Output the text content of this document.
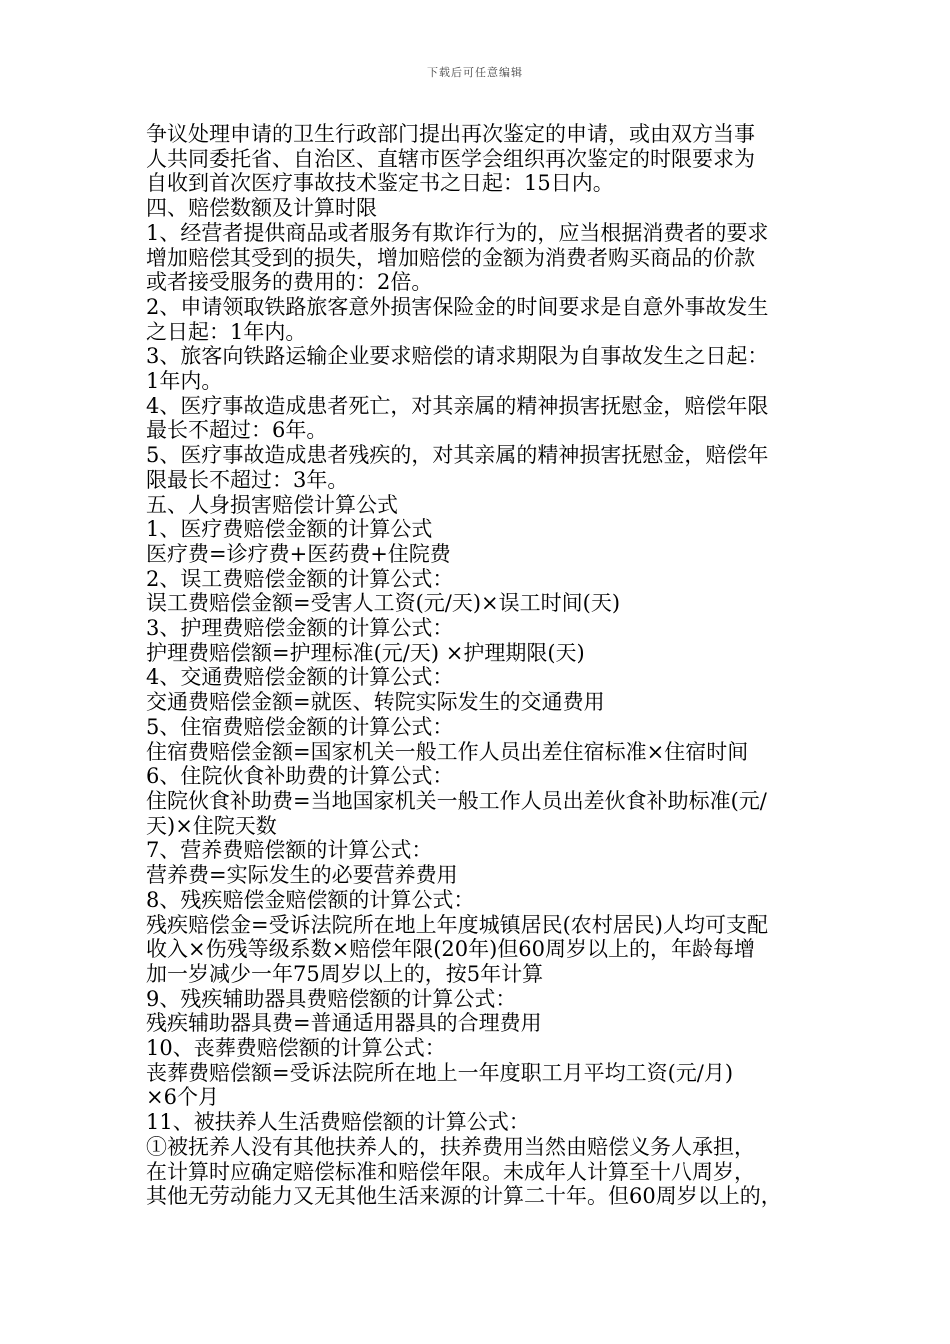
下载后可任意编辑

争议处理申请的卫生行政部门提出再次鉴定的申请，或由双方当事

人共同委托省、自治区、直辖市医学会组织再次鉴定的时限要求为

自收到首次医疗事故技术鉴定书之日起：15日内。

四、赔偿数额及计算时限

1、经营者提供商品或者服务有欺诈行为的，应当根据消费者的要求

增加赔偿其受到的损失，增加赔偿的金额为消费者购买商品的价款

或者接受服务的费用的：2倍。

2、申请领取铁路旅客意外损害保险金的时间要求是自意外事故发生

之日起：1年内。

3、旅客向铁路运输企业要求赔偿的请求期限为自事故发生之日起：

1年内。

4、医疗事故造成患者死亡，对其亲属的精神损害抚慰金，赔偿年限

最长不超过：6年。

5、医疗事故造成患者残疾的，对其亲属的精神损害抚慰金，赔偿年

限最长不超过：3年。

五、人身损害赔偿计算公式

1、医疗费赔偿金额的计算公式

医疗费=诊疗费+医药费+住院费

2、误工费赔偿金额的计算公式：

误工费赔偿金额=受害人工资(元/天)×误工时间(天)

3、护理费赔偿金额的计算公式：

护理费赔偿额=护理标准(元/天) ×护理期限(天)

4、交通费赔偿金额的计算公式：

交通费赔偿金额=就医、转院实际发生的交通费用

5、住宿费赔偿金额的计算公式：

住宿费赔偿金额=国家机关一般工作人员出差住宿标准×住宿时间

6、住院伙食补助费的计算公式：

住院伙食补助费=当地国家机关一般工作人员出差伙食补助标准(元/

天)×住院天数

7、营养费赔偿额的计算公式：

营养费=实际发生的必要营养费用

8、残疾赔偿金赔偿额的计算公式：

残疾赔偿金=受诉法院所在地上年度城镇居民(农村居民)人均可支配

收入×伤残等级系数×赔偿年限(20年)但60周岁以上的，年龄每增

加一岁减少一年75周岁以上的，按5年计算

9、残疾辅助器具费赔偿额的计算公式：

残疾辅助器具费=普通适用器具的合理费用

10、丧葬费赔偿额的计算公式：

丧葬费赔偿额=受诉法院所在地上一年度职工月平均工资(元/月)

×6个月

11、被扶养人生活费赔偿额的计算公式：

①被抚养人没有其他扶养人的，扶养费用当然由赔偿义务人承担，

在计算时应确定赔偿标准和赔偿年限。未成年人计算至十八周岁，

其他无劳动能力又无其他生活来源的计算二十年。但60周岁以上的，
